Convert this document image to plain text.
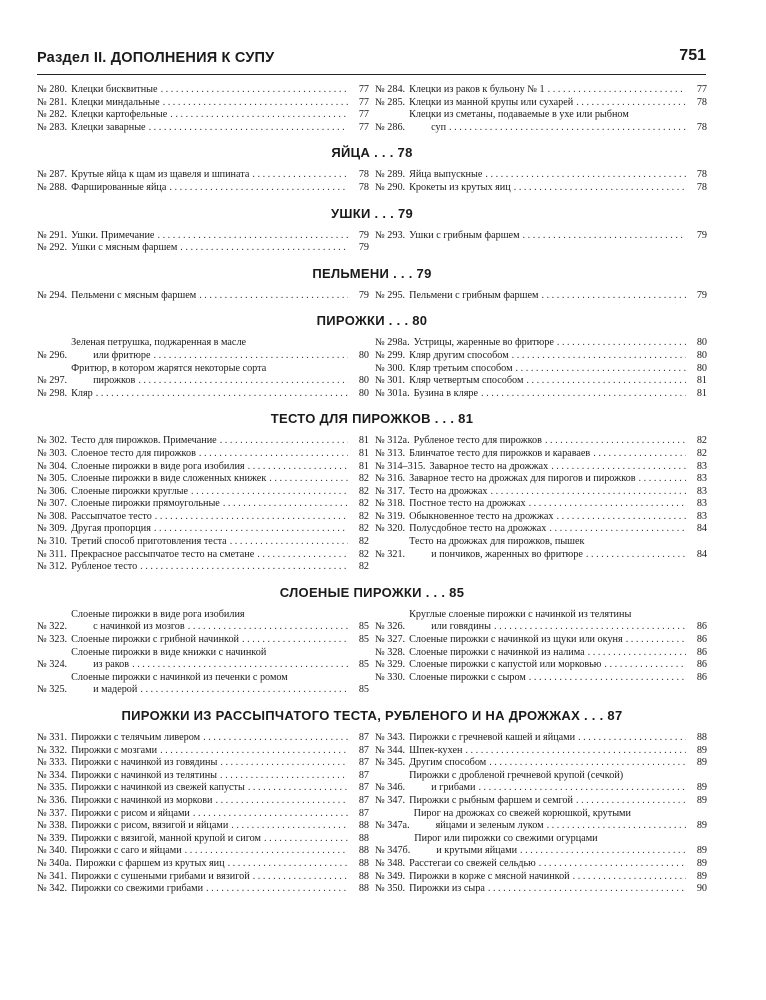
Раздел II. ДОПОЛНЕНИЯ К СУПУ	751
№ 280. Клецки бисквитные . . .	77
№ 281. Клецки миндальные . . .	77
№ 282. Клецки картофельные . . .	77
№ 283. Клецки заварные . . .	77
№ 284. Клецки из раков к бульону № 1 . . .	77
№ 285. Клецки из манной крупы или сухарей . . .	78
№ 286.
Клецки из сметаны, подаваемые в ухе или рыбном
суп . . .	78
ЯЙЦА . . . 78
№ 287. Крутые яйца к щам из щавеля и шпината . . .	78
№ 288. Фаршированные яйца . . .	78
№ 289. Яйца выпускные . . .	78
№ 290. Крокеты из крутых яиц . . .	78
УШКИ . . . 79
№ 291. Ушки. Примечание . . .	79
№ 292. Ушки с мясным фаршем . . .	79
№ 293. Ушки с грибным фаршем . . .	79
ПЕЛЬМЕНИ . . . 79
№ 294. Пельмени с мясным фаршем . . .	79 № 295. Пельмени с грибным фаршем . . .	79
ПИРОЖКИ . . . 80
№ 296.
Зеленая петрушка, поджаренная в масле
или фритюре . . .	80
№ 297.
Фритюр, в котором жарятся некоторые сорта
пирожков . . .	80
№ 298. Кляр . . .	80
№ 298а. Устрицы, жаренные во фритюре . . .	80
№ 299. Кляр другим способом . . .	80
№ 300. Кляр третьим способом . . .	80
№ 301. Кляр четвертым способом . . .	81
№ 301а. Бузина в кляре . . .	81
ТЕСТО ДЛЯ ПИРОЖКОВ . . . 81
№ 302. Тесто для пирожков. Примечание . . .	81
№ 303. Слоеное тесто для пирожков . . .	81
№ 304. Слоеные пирожки в виде рога изобилия . . .	81
№ 305. Слоеные пирожки в виде сложенных книжек . . .	82
№ 306. Слоеные пирожки круглые . . .	82
№ 307. Слоеные пирожки прямоугольные . . .	82
№ 308. Рассыпчатое тесто . . .	82
№ 309. Другая пропорция . . .	82
№ 310. Третий способ приготовления теста . . .	82
№ 311. Прекрасное рассыпчатое тесто на сметане . . .	82
№ 312. Рубленое тесто . . .	82
№ 312а. Рубленое тесто для пирожков . . .	82
№ 313. Блинчатое тесто для пирожков и караваев . . .	82
№ 314–315. Заварное тесто на дрожжах . . .	83
№ 316. Заварное тесто на дрожжах для пирогов и пирожков . . .	83
№ 317. Тесто на дрожжах . . .	83
№ 318. Постное тесто на дрожжах . . .	83
№ 319. Обыкновенное тесто на дрожжах . . .	83
№ 320. Полусдобное тесто на дрожжах . . .	84
№ 321.
Тесто на дрожжах для пирожков, пышек
и пончиков, жаренных во фритюре . . .	84
СЛОЕНЫЕ ПИРОЖКИ . . . 85
№ 322.
Слоеные пирожки в виде рога изобилия
с начинкой из мозгов . . .	85
№ 323. Слоеные пирожки с грибной начинкой . . .	85
№ 324.
Слоеные пирожки в виде книжки с начинкой
из раков . . .	85
№ 325.
Слоеные пирожки с начинкой из печенки с ромом
и мадерой . . .	85
№ 326.
Круглые слоеные пирожки с начинкой из телятины
или говядины . . .	86
№ 327. Слоеные пирожки с начинкой из щуки или окуня . . .	86
№ 328. Слоеные пирожки с начинкой из налима . . .	86
№ 329. Слоеные пирожки с капустой или морковью . . .	86
№ 330. Слоеные пирожки с сыром . . .	86
ПИРОЖКИ ИЗ РАССЫПЧАТОГО ТЕСТА, РУБЛЕНОГО И НА ДРОЖЖАХ . . . 87
№ 331. Пирожки с телячьим ливером . . .	87
№ 332. Пирожки с мозгами . . .	87
№ 333. Пирожки с начинкой из говядины . . .	87
№ 334. Пирожки с начинкой из телятины . . .	87
№ 335. Пирожки с начинкой из свежей капусты . . .	87
№ 336. Пирожки с начинкой из моркови . . .	87
№ 337. Пирожки с рисом и яйцами . . .	87
№ 338. Пирожки с рисом, вязигой и яйцами . . .	88
№ 339. Пирожки с вязигой, манной крупой и сигом . . .	88
№ 340. Пирожки с саго и яйцами . . .	88
№ 340а. Пирожки с фаршем из крутых яиц . . .	88
№ 341. Пирожки с сушеными грибами и вязигой . . .	88
№ 342. Пирожки со свежими грибами . . .	88
№ 343. Пирожки с гречневой кашей и яйцами . . .	88
№ 344. Шпек-кухен . . .	89
№ 345. Другим способом . . .	89
№ 346.
Пирожки с дробленой гречневой крупой (сечкой)
и грибами . . .	89
№ 347. Пирожки с рыбным фаршем и семгой . . .	89
№ 347а.
Пирог на дрожжах со свежей корюшкой, крутыми
яйцами и зеленым луком . . .	89
№ 347б.
Пирог или пирожки со свежими огурцами
и крутыми яйцами . . .	89
№ 348. Расстегаи со свежей сельдью . . .	89
№ 349. Пирожки в корже с мясной начинкой . . .	89
№ 350. Пирожки из сыра . . .	90
